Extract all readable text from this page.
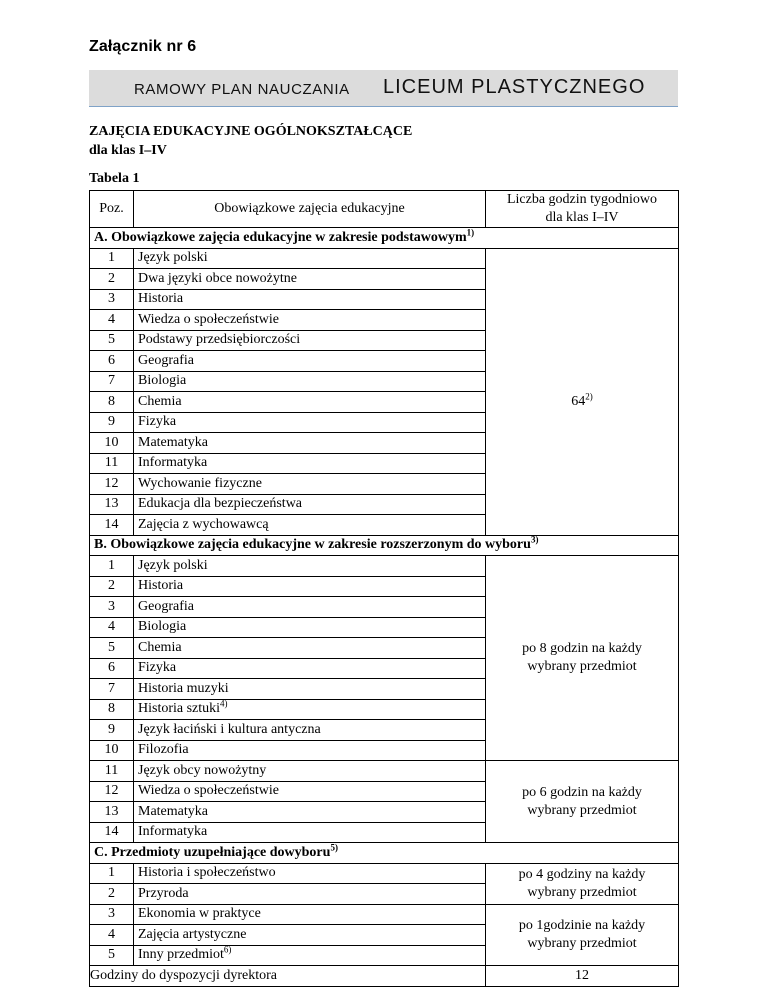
Załącznik nr 6
RAMOWY PLAN NAUCZANIA LICEUM PLASTYCZNEGO
ZAJĘCIA EDUKACYJNE OGÓLNOKSZTAŁCĄCE
dla klas I–IV
Tabela 1
Poz.	Obowiązkowe zajęcia edukacyjne	Liczba godzin tygodniowo
dla klas I–IV
A. Obowiązkowe zajęcia edukacyjne w zakresie podstawowym$^{1)}$
1	Język polski	
2	Dwa języki obce nowożytne	64$^{2)}$
3	Historia	
4	Wiedza o społeczeństwie	
5	Podstawy przedsiębiorczości	
6	Geografia	
7	Biologia	
8	Chemia	
9	Fizyka	
10	Matematyka	
11	Informatyka	
12	Wychowanie fizyczne	
13	Edukacja dla bezpieczeństwa	
14	Zajęcia z wychowawcą	
B. Obowiązkowe zajęcia edukacyjne w zakresie rozszerzonym do wyboru$^{3)}$
1	Język polski	po 8 godzin na każdy
wybrany przedmiot
2	Historia	
3	Geografia	
4	Biologia	
5	Chemia	
6	Fizyka	
7	Historia muzyki	
8	Historia sztuki$^{4)}$
9	Język łaciński i kultura antyczna	
10	Filozofia	
11	Język obcy nowożytny	po 6 godzin na każdy
wybrany przedmiot
12	Wiedza o społeczeństwie	
13	Matematyka	
14	Informatyka	
C. Przedmioty uzupełniające dowyboru$^{5)}$
1	Historia i społeczeństwo	po 4 godziny na każdy
wybrany przedmiot
2	Przyroda	
3	Ekonomia w praktyce	po 1godzinie na każdy
wybrany przedmiot
4	Zajęcia artystyczne	
5	Inny przedmiot$^{6)}$
Godziny do dyspozycji dyrektora		12
